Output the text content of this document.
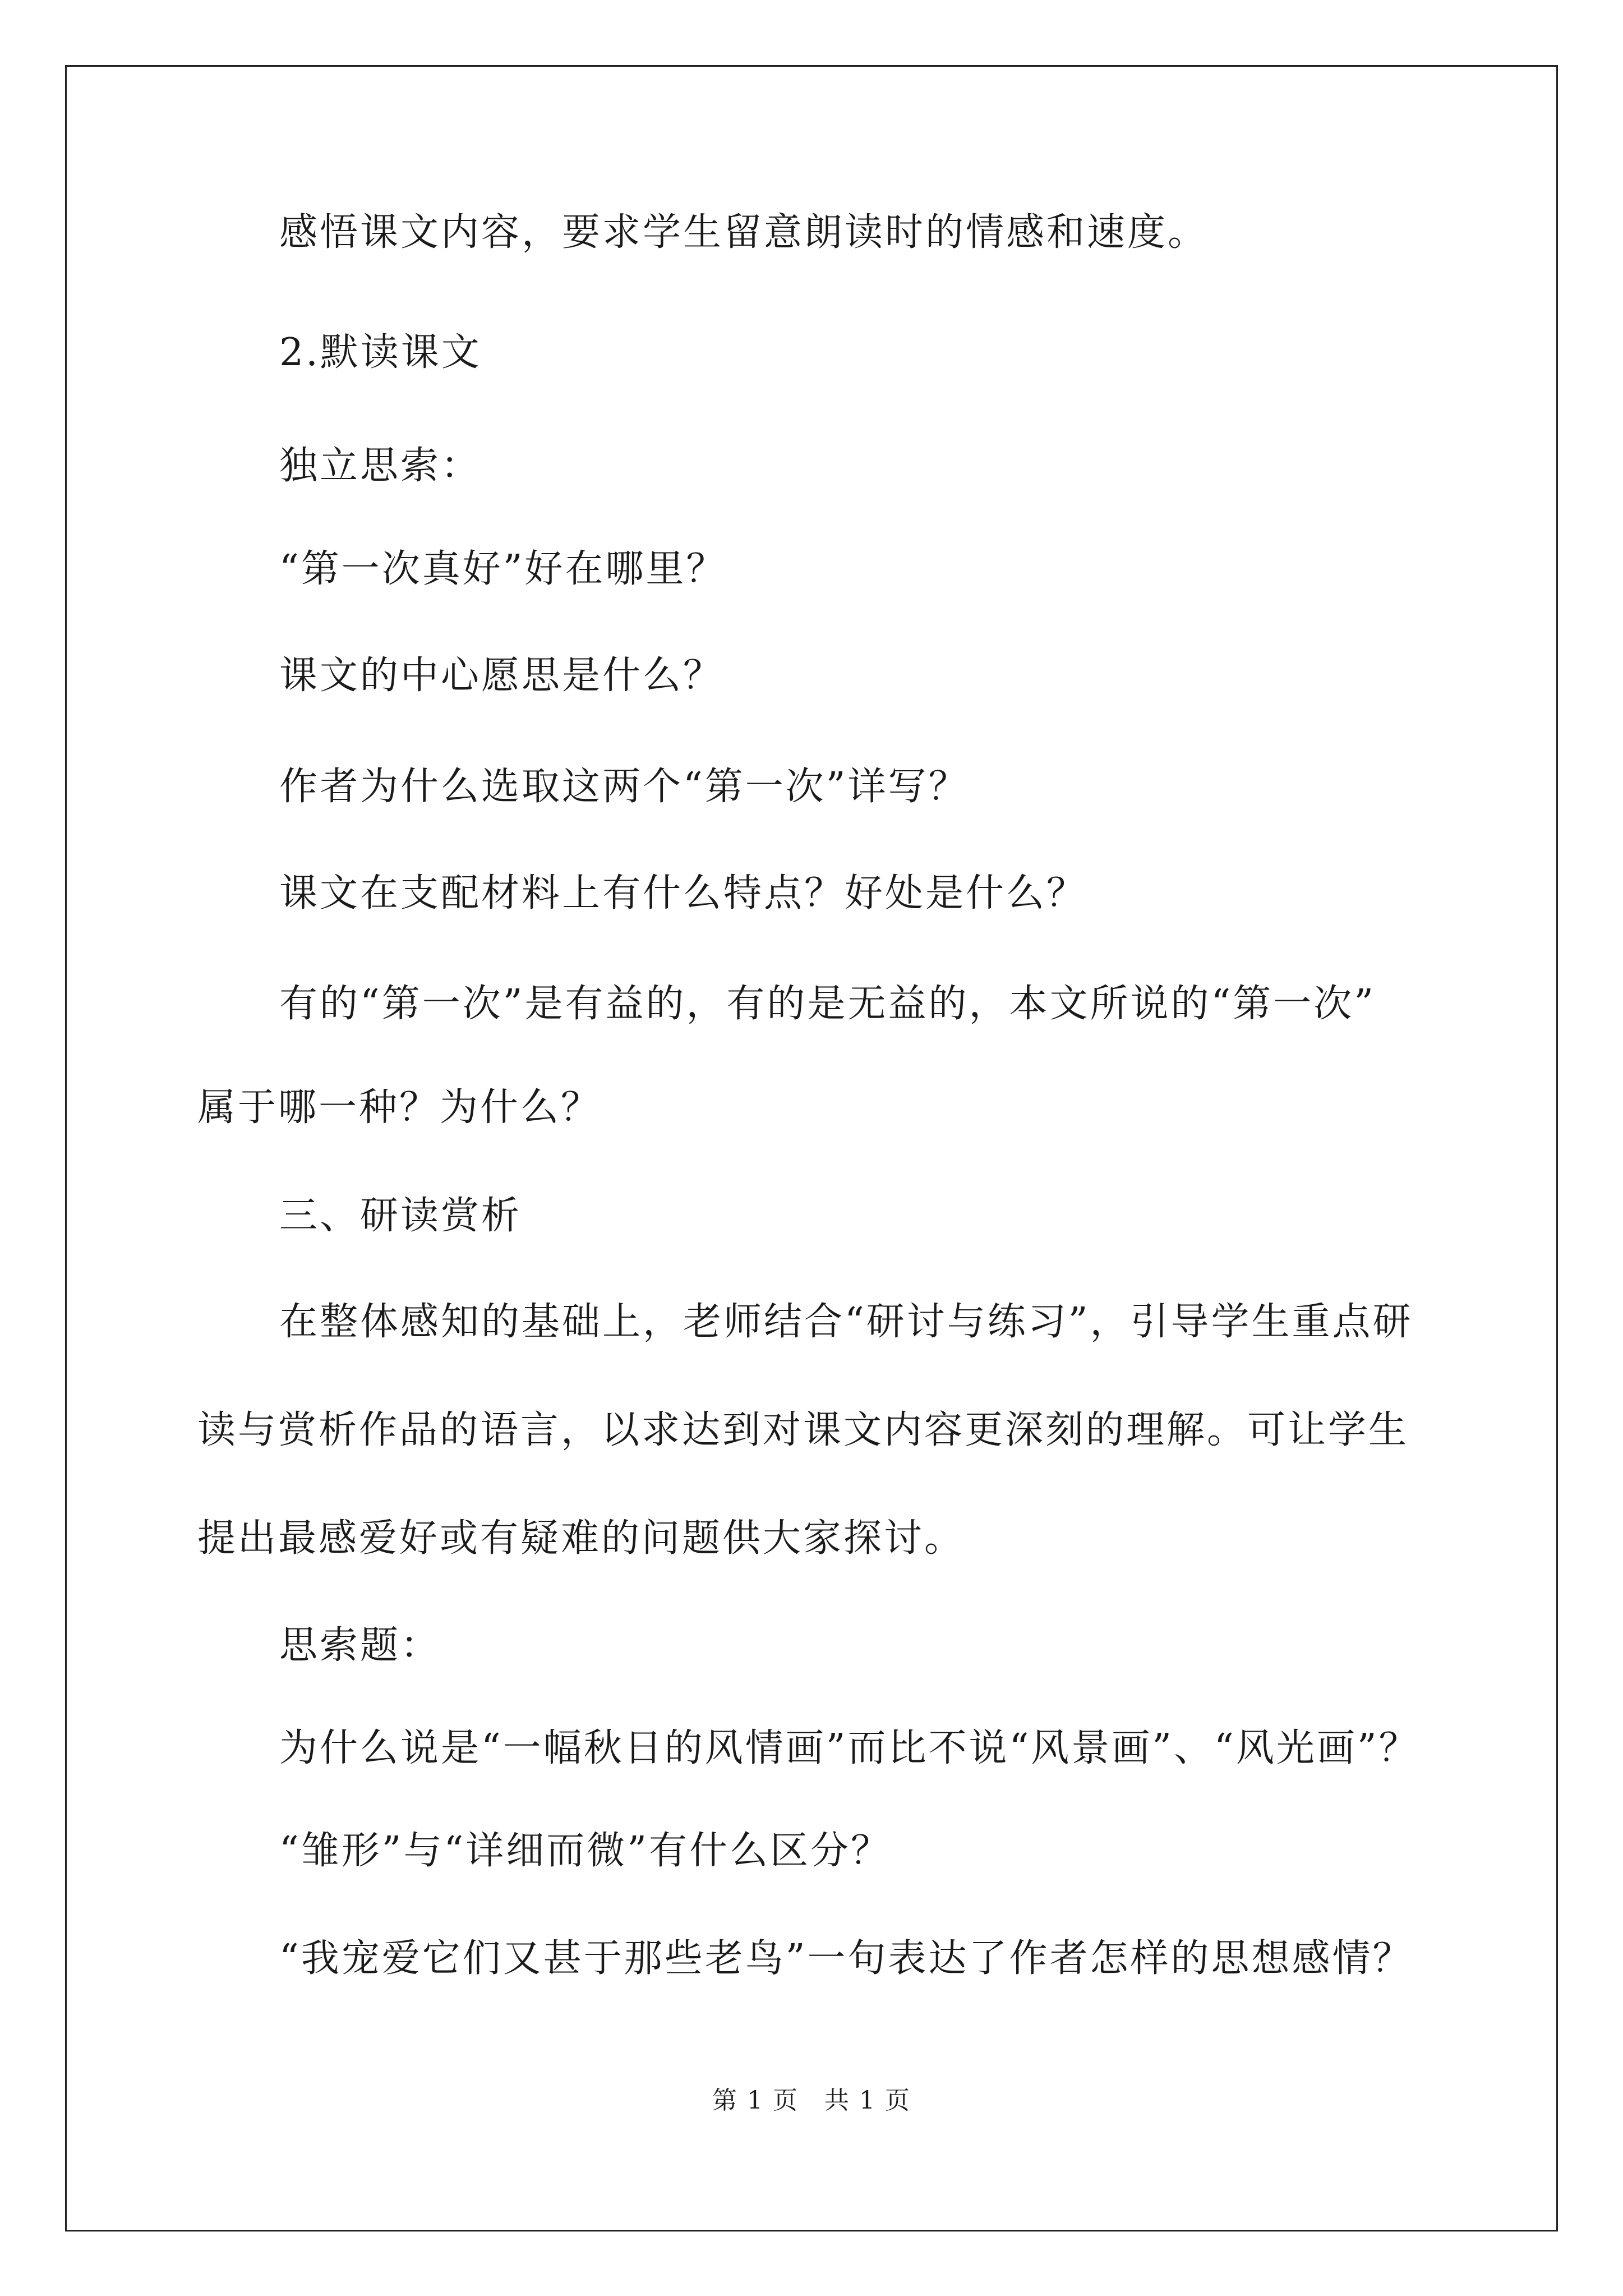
感悟课文内容，要求学生留意朗读时的情感和速度。
2.默读课文
独立思索：
“第一次真好”好在哪里？
课文的中心愿思是什么？
作者为什么选取这两个“第一次”详写？
课文在支配材料上有什么特点？好处是什么？
有的“第一次”是有益的，有的是无益的，本文所说的“第一次”
属于哪一种？为什么？
三、研读赏析
在整体感知的基础上，老师结合“研讨与练习”，引导学生重点研
读与赏析作品的语言，以求达到对课文内容更深刻的理解。可让学生
提出最感爱好或有疑难的问题供大家探讨。
思索题：
为什么说是“一幅秋日的风情画”而比不说“风景画”、“风光画”？
“雏形”与“详细而微”有什么区分？
“我宠爱它们又甚于那些老鸟”一句表达了作者怎样的思想感情？
第 1 页　共 1 页
